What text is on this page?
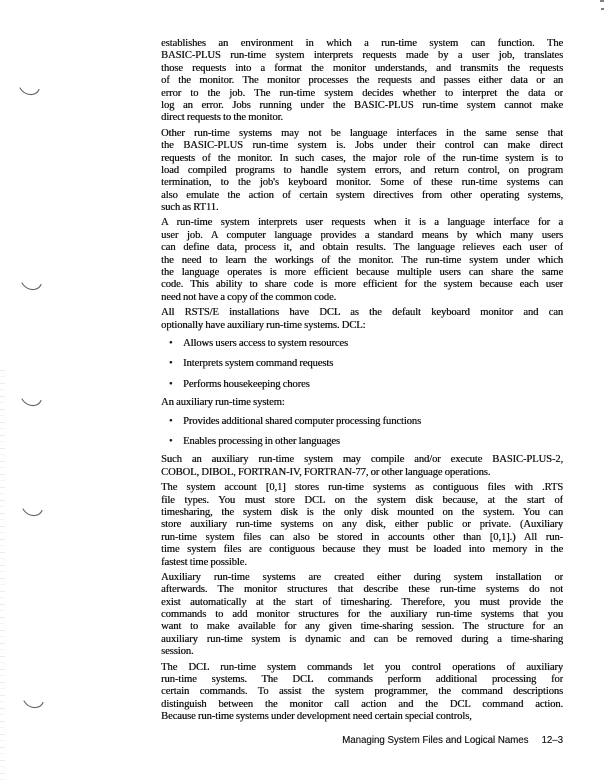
establishes an environment in which a run-time system can function. The
BASIC-PLUS run-time system interprets requests made by a user job, translates
those requests into a format the monitor understands, and transmits the requests
of the monitor. The monitor processes the requests and passes either data or an
error to the job. The run-time system decides whether to interpret the data or
log an error. Jobs running under the BASIC-PLUS run-time system cannot make
direct requests to the monitor.
Other run-time systems may not be language interfaces in the same sense that
the BASIC-PLUS run-time system is. Jobs under their control can make direct
requests of the monitor. In such cases, the major role of the run-time system is to
load compiled programs to handle system errors, and return control, on program
termination, to the job's keyboard monitor. Some of these run-time systems can
also emulate the action of certain system directives from other operating systems,
such as RT11.
A run-time system interprets user requests when it is a language interface for a
user job. A computer language provides a standard means by which many users
can define data, process it, and obtain results. The language relieves each user of
the need to learn the workings of the monitor. The run-time system under which
the language operates is more efficient because multiple users can share the same
code. This ability to share code is more efficient for the system because each user
need not have a copy of the common code.
All RSTS/E installations have DCL as the default keyboard monitor and can
optionally have auxiliary run-time systems. DCL:
• Allows users access to system resources
• Interprets system command requests
• Performs housekeeping chores
An auxiliary run-time system:
• Provides additional shared computer processing functions
• Enables processing in other languages
Such an auxiliary run-time system may compile and/or execute BASIC-PLUS-2,
COBOL, DIBOL, FORTRAN-IV, FORTRAN-77, or other language operations.
The system account [0,1] stores run-time systems as contiguous files with .RTS
file types. You must store DCL on the system disk because, at the start of
timesharing, the system disk is the only disk mounted on the system. You can
store auxiliary run-time systems on any disk, either public or private. (Auxiliary
run-time system files can also be stored in accounts other than [0,1].) All run-
time system files are contiguous because they must be loaded into memory in the
fastest time possible.
Auxiliary run-time systems are created either during system installation or
afterwards. The monitor structures that describe these run-time systems do not
exist automatically at the start of timesharing. Therefore, you must provide the
commands to add monitor structures for the auxiliary run-time systems that you
want to make available for any given time-sharing session. The structure for an
auxiliary run-time system is dynamic and can be removed during a time-sharing
session.
The DCL run-time system commands let you control operations of auxiliary
run-time systems. The DCL commands perform additional processing for
certain commands. To assist the system programmer, the command descriptions
distinguish between the monitor call action and the DCL command action.
Because run-time systems under development need certain special controls,
Managing System Files and Logical Names 12–3
